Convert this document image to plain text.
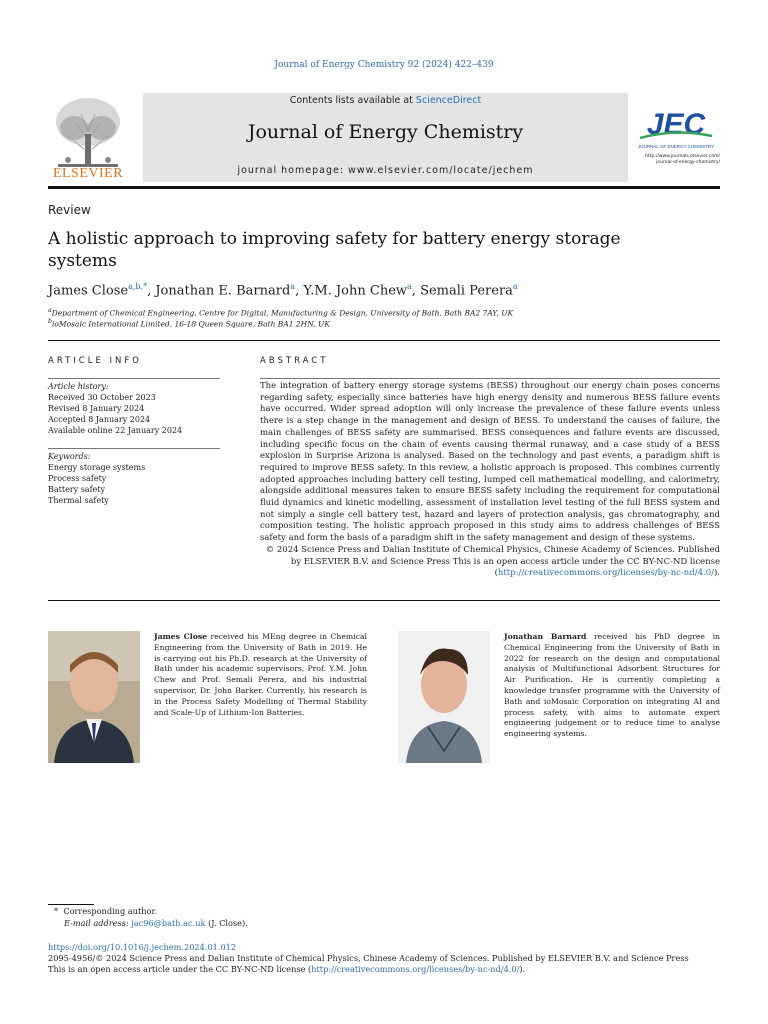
Journal of Energy Chemistry 92 (2024) 422–439
ELSEVIER
Contents lists available at ScienceDirect
Journal of Energy Chemistry
journal homepage: www.elsevier.com/locate/jechem
JEC
JOURNAL OF ENERGY CHEMISTRY
http://www.journals.elsevier.com/
journal-of-energy-chemistry/
Review
A holistic approach to improving safety for battery energy storage systems
James Close$^{a,b,*}$, Jonathan E. Barnard$^a$, Y.M. John Chew$^a$, Semali Perera$^a$
$^a$Department of Chemical Engineering, Centre for Digital, Manufacturing & Design, University of Bath, Bath BA2 7AY, UK
$^b$ioMosaic International Limited, 16-18 Queen Square, Bath BA1 2HN, UK
ARTICLE INFO
Article history:
Received 30 October 2023
Revised 8 January 2024
Accepted 8 January 2024
Available online 22 January 2024
Keywords:
Energy storage systems
Process safety
Battery safety
Thermal safety
ABSTRACT
The integration of battery energy storage systems (BESS) throughout our energy chain poses concerns regarding safety, especially since batteries have high energy density and numerous BESS failure events have occurred. Wider spread adoption will only increase the prevalence of these failure events unless there is a step change in the management and design of BESS. To understand the causes of failure, the main challenges of BESS safety are summarised. BESS consequences and failure events are discussed, including specific focus on the chain of events causing thermal runaway, and a case study of a BESS explosion in Surprise Arizona is analysed. Based on the technology and past events, a paradigm shift is required to improve BESS safety. In this review, a holistic approach is proposed. This combines currently adopted approaches including battery cell testing, lumped cell mathematical modelling, and calorimetry, alongside additional measures taken to ensure BESS safety including the requirement for computational fluid dynamics and kinetic modelling, assessment of installation level testing of the full BESS system and not simply a single cell battery test, hazard and layers of protection analysis, gas chromatography, and composition testing. The holistic approach proposed in this study aims to address challenges of BESS safety and form the basis of a paradigm shift in the safety management and design of these systems.
© 2024 Science Press and Dalian Institute of Chemical Physics, Chinese Academy of Sciences. Published by ELSEVIER B.V. and Science Press This is an open access article under the CC BY-NC-ND license (http://creativecommons.org/licenses/by-nc-nd/4.0/).
James Close received his MEng degree in Chemical Engineering from the University of Bath in 2019. He is carrying out his Ph.D. research at the University of Bath under his academic supervisors, Prof. Y.M. John Chew and Prof. Semali Perera, and his industrial supervisor, Dr. John Barker. Currently, his research is in the Process Safety Modelling of Thermal Stability and Scale-Up of Lithium-Ion Batteries.
Jonathan Barnard received his PhD degree in Chemical Engineering from the University of Bath in 2022 for research on the design and computational analysis of Multifunctional Adsorbent Structures for Air Purification. He is currently completing a knowledge transfer programme with the University of Bath and ioMosaic Corporation on integrating AI and process safety, with aims to automate expert engineering judgement or to reduce time to analyse engineering systems.
* Corresponding author.
E-mail address: jac96@bath.ac.uk (J. Close).
https://doi.org/10.1016/j.jechem.2024.01.012
2095-4956/© 2024 Science Press and Dalian Institute of Chemical Physics, Chinese Academy of Sciences. Published by ELSEVIER B.V. and Science Press
This is an open access article under the CC BY-NC-ND license (http://creativecommons.org/licenses/by-nc-nd/4.0/).
